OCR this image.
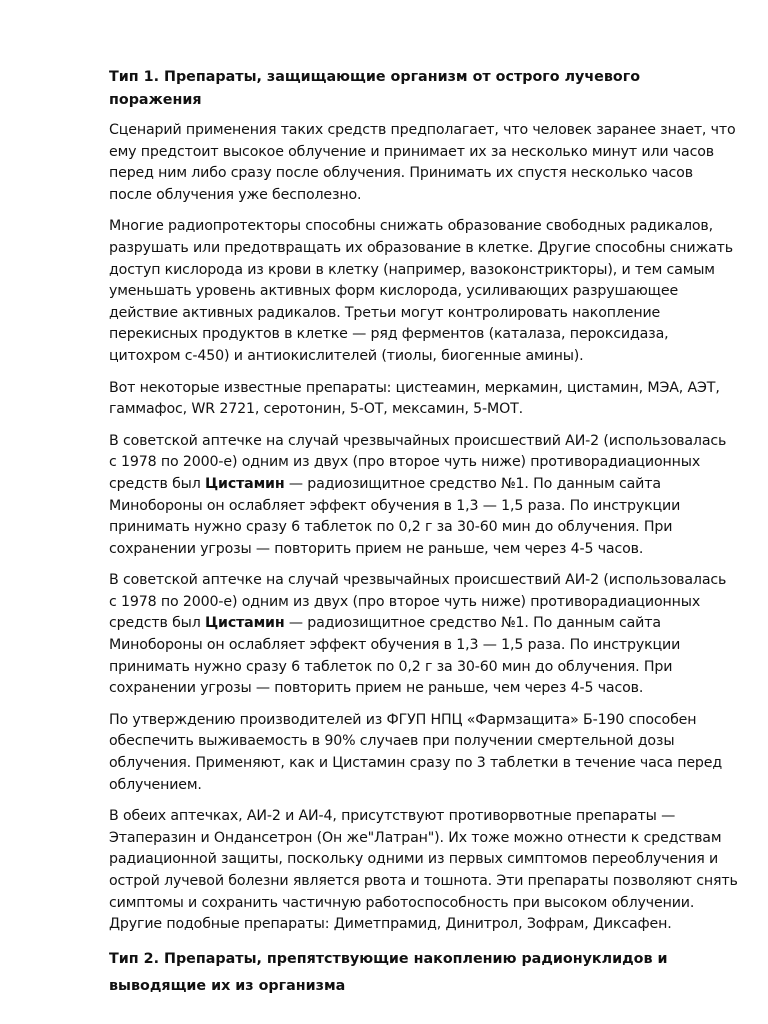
Тип 1. Препараты, защищающие организм от острого лучевого поражения
Сценарий применения таких средств предполагает, что человек заранее знает, что
ему предстоит высокое облучение и принимает их за несколько минут или часов
перед ним либо сразу после облучения. Принимать их спустя несколько часов
после облучения уже бесполезно.
Многие радиопротекторы способны снижать образование свободных радикалов,
разрушать или предотвращать их образование в клетке. Другие способны снижать
доступ кислорода из крови в клетку (например, вазоконстрикторы), и тем самым
уменьшать уровень активных форм кислорода, усиливающих разрушающее
действие активных радикалов. Третьи могут контролировать накопление
перекисных продуктов в клетке — ряд ферментов (каталаза, пероксидаза,
цитохром с-450) и антиокислителей (тиолы, биогенные амины).
Вот некоторые известные препараты: цистеамин, меркамин, цистамин, МЭА, АЭТ,
гаммафос, WR 2721, серотонин, 5-ОТ, мексамин, 5-МОТ.
В советской аптечке на случай чрезвычайных происшествий АИ-2 (использовалась
с 1978 по 2000-е) одним из двух (про второе чуть ниже) противорадиационных
средств был Цистамин — радиозищитное средство №1. По данным сайта
Минобороны он ослабляет эффект обучения в 1,3 — 1,5 раза. По инструкции
принимать нужно сразу 6 таблеток по 0,2 г за 30-60 мин до облучения. При
сохранении угрозы — повторить прием не раньше, чем через 4-5 часов.
В советской аптечке на случай чрезвычайных происшествий АИ-2 (использовалась
с 1978 по 2000-е) одним из двух (про второе чуть ниже) противорадиационных
средств был Цистамин — радиозищитное средство №1. По данным сайта
Минобороны он ослабляет эффект обучения в 1,3 — 1,5 раза. По инструкции
принимать нужно сразу 6 таблеток по 0,2 г за 30-60 мин до облучения. При
сохранении угрозы — повторить прием не раньше, чем через 4-5 часов.
По утверждению производителей из ФГУП НПЦ «Фармзащита» Б-190 способен
обеспечить выживаемость в 90% случаев при получении смертельной дозы
облучения. Применяют, как и Цистамин сразу по 3 таблетки в течение часа перед
облучением.
В обеих аптечках, АИ-2 и АИ-4, присутствуют противорвотные препараты —
Этаперазин и Ондансетрон (Он же"Латран"). Их тоже можно отнести к средствам
радиационной защиты, поскольку одними из первых симптомов переоблучения и
острой лучевой болезни является рвота и тошнота. Эти препараты позволяют снять
симптомы и сохранить частичную работоспособность при высоком облучении.
Другие подобные препараты: Диметпрамид, Динитрол, Зофрам, Диксафен.
Тип 2. Препараты, препятствующие накоплению радионуклидов и
выводящие их из организма
